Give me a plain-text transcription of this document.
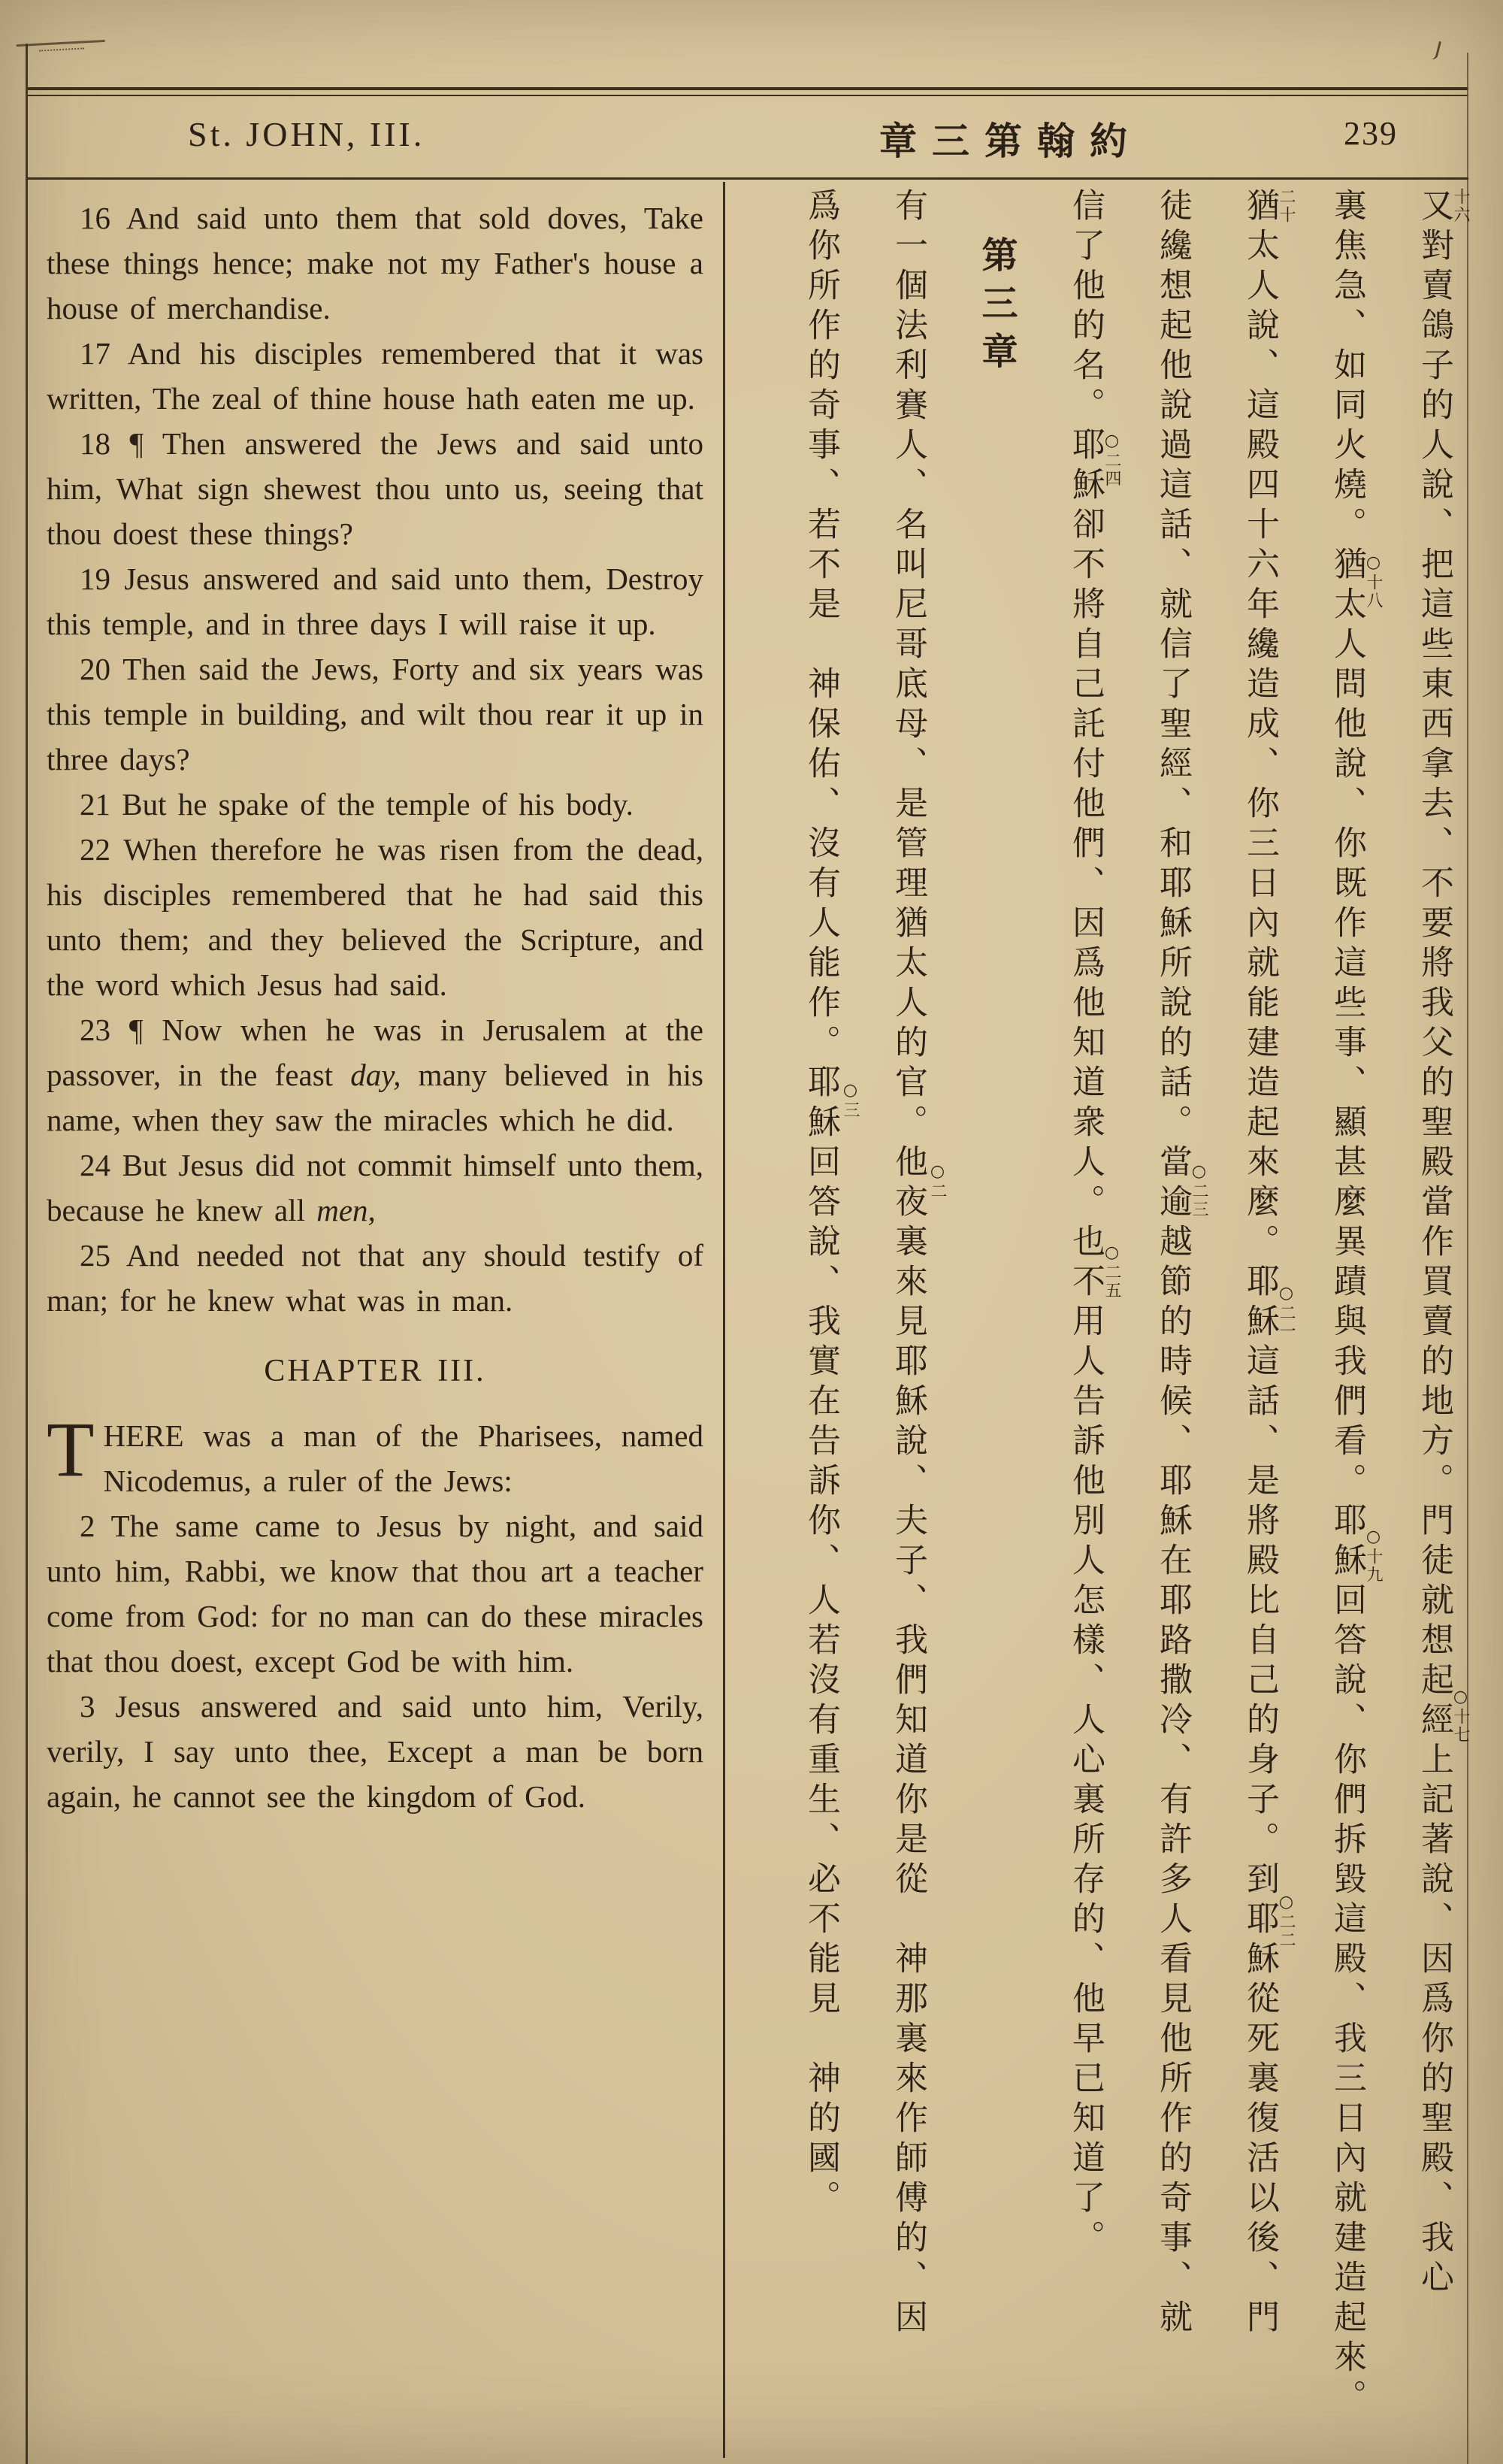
St. JOHN, III.	章三第翰約	239

16 And said unto them that sold doves, Take these things hence; make not my Father's house a house of merchandise.

17 And his disciples remembered that it was written, The zeal of thine house hath eaten me up.

18 ¶ Then answered the Jews and said unto him, What sign shewest thou unto us, seeing that thou doest these things?

19 Jesus answered and said unto them, Destroy this temple, and in three days I will raise it up.

20 Then said the Jews, Forty and six years was this temple in building, and wilt thou rear it up in three days?

21 But he spake of the temple of his body.

22 When therefore he was risen from the dead, his disciples remembered that he had said this unto them; and they believed the Scripture, and the word which Jesus had said.

23 ¶ Now when he was in Jerusalem at the passover, in the feast day, many believed in his name, when they saw the miracles which he did.

24 But Jesus did not commit himself unto them, because he knew all men,

25 And needed not that any should testify of man; for he knew what was in man.

CHAPTER III.

THERE was a man of the Pharisees, named Nicodemus, a ruler of the Jews:

2 The same came to Jesus by night, and said unto him, Rabbi, we know that thou art a teacher come from God: for no man can do these miracles that thou doest, except God be with him.

3 Jesus answered and said unto him, Verily, verily, I say unto thee, Except a man be born again, he cannot see the kingdom of God.	又對賣鴿子的人說、把這些東西拿去、不要將我父的聖殿當作買賣的地方。門徒就想起經上記著說、因爲你的聖殿、我心
裏焦急、如同火燒。猶太人問他說、你既作這些事、顯甚麼異蹟與我們看。耶穌回答說、你們拆毀這殿、我三日內就建造起來。
猶太人說、這殿四十六年纔造成、你三日內就能建造起來麼。耶穌這話、是將殿比自己的身子。到耶穌從死裏復活以後、門
徒纔想起他說過這話、就信了聖經、和耶穌所說的話。當逾越節的時候、耶穌在耶路撒冷、有許多人看見他所作的奇事、就
信了他的名。耶穌卻不將自己託付他們、因爲他知道衆人。也不用人告訴他別人怎樣、人心裏所存的、他早已知道了。
第三章
有一個法利賽人、名叫尼哥底母、是管理猶太人的官。他夜裏來見耶穌說、夫子、我們知道你是從　神那裏來作師傅的、因
爲你所作的奇事、若不是　神保佑、沒有人能作。耶穌回答說、我實在告訴你、人若沒有重生、必不能見　神的國。	十六
○十七
○十八
○十九
二十
○二一
○二二
○二三
○二四
○二五
○二
○三
